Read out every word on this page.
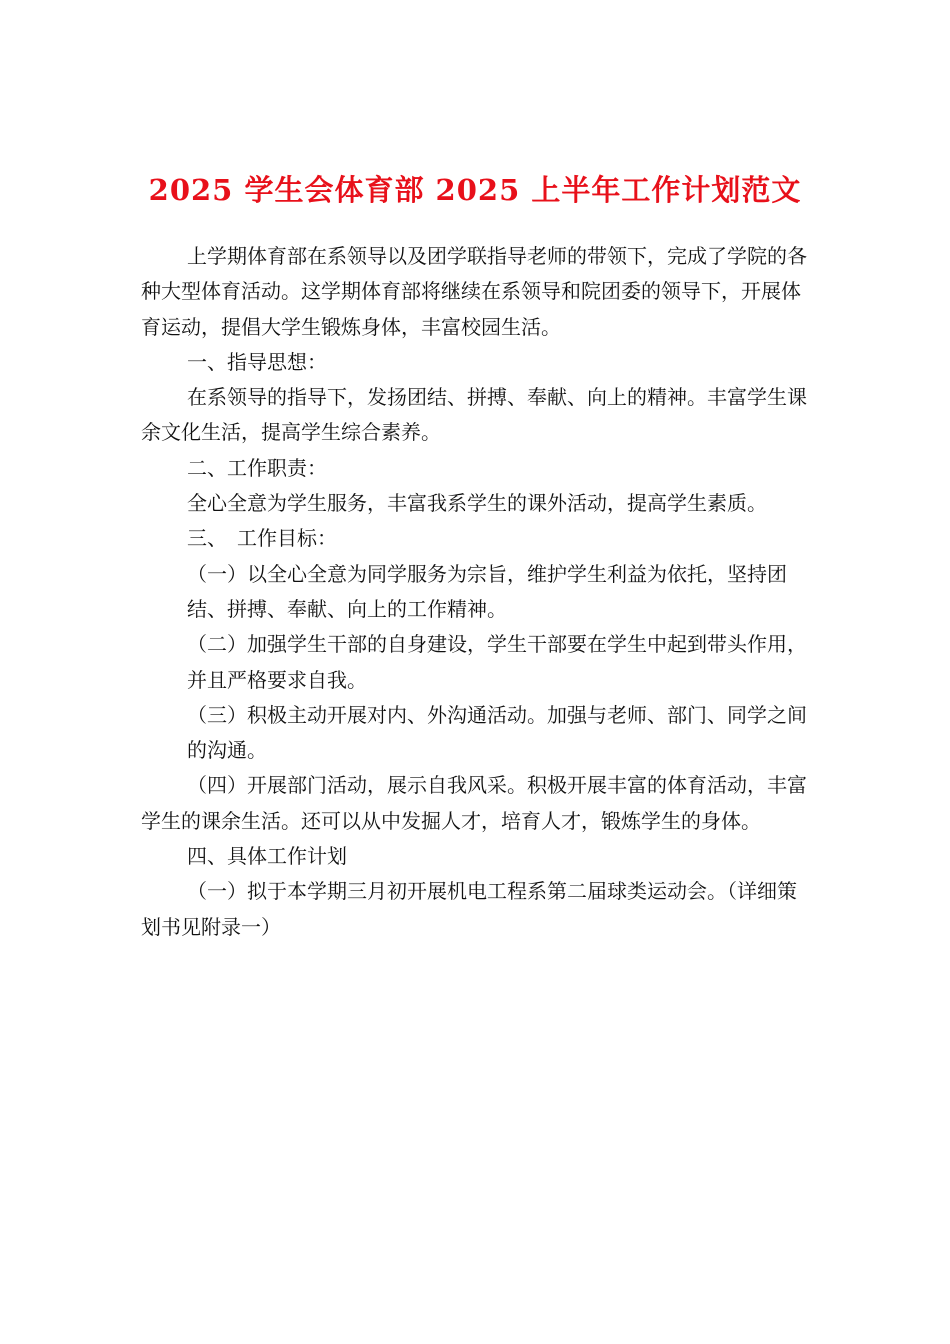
2025 学生会体育部 2025 上半年工作计划范文

上学期体育部在系领导以及团学联指导老师的带领下，完成了学院的各种大型体育活动。这学期体育部将继续在系领导和院团委的领导下，开展体育运动，提倡大学生锻炼身体，丰富校园生活。

一、指导思想：

在系领导的指导下，发扬团结、拼搏、奉献、向上的精神。丰富学生课余文化生活，提高学生综合素养。

二、工作职责：

全心全意为学生服务，丰富我系学生的课外活动，提高学生素质。

三、　工作目标：

（一）以全心全意为同学服务为宗旨，维护学生利益为依托，坚持团结、拼搏、奉献、向上的工作精神。

（二）加强学生干部的自身建设，学生干部要在学生中起到带头作用，并且严格要求自我。

（三）积极主动开展对内、外沟通活动。加强与老师、部门、同学之间的沟通。

（四）开展部门活动，展示自我风采。积极开展丰富的体育活动，丰富学生的课余生活。还可以从中发掘人才，培育人才，锻炼学生的身体。

四、具体工作计划

（一）拟于本学期三月初开展机电工程系第二届球类运动会。（详细策划书见附录一）
